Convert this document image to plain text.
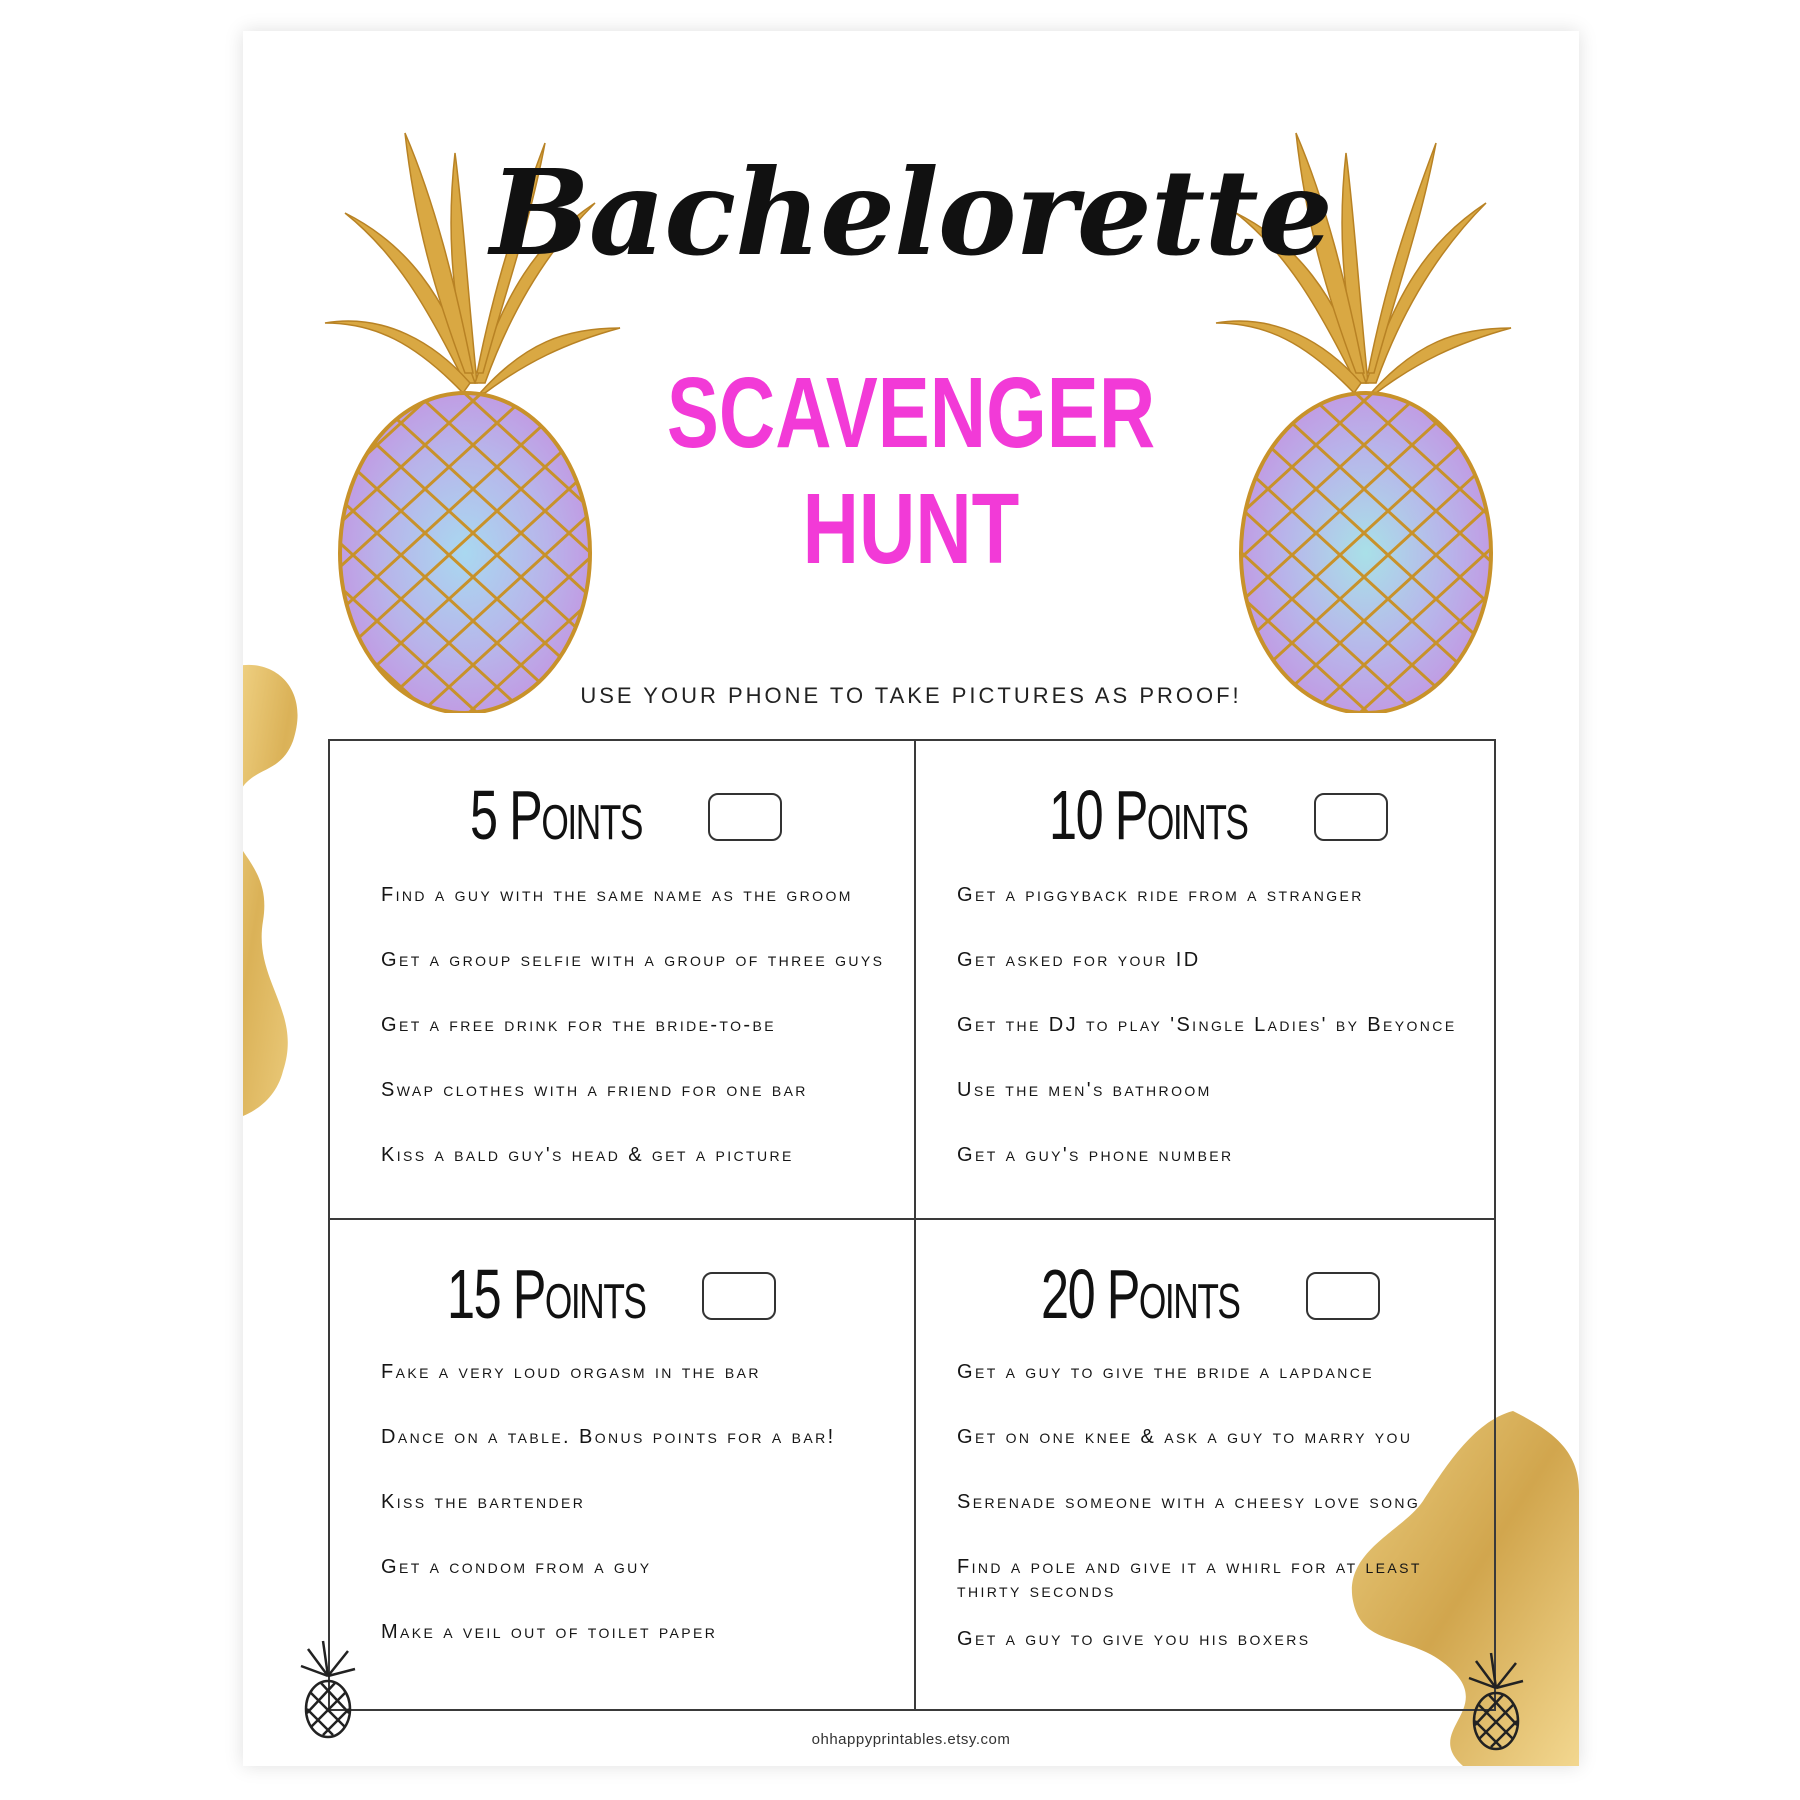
Bachelorette
SCAVENGER
HUNT
USE YOUR PHONE TO TAKE PICTURES AS PROOF!
5 Points
Find a guy with the same name as the groom
Get a group selfie with a group of three guys
Get a free drink for the bride-to-be
Swap clothes with a friend for one bar
Kiss a bald guy's head & get a picture
10 Points
Get a piggyback ride from a stranger
Get asked for your ID
Get the DJ to play 'Single Ladies' by Beyonce
Use the men's bathroom
Get a guy's phone number
15 Points
Fake a very loud orgasm in the bar
Dance on a table. Bonus points for a bar!
Kiss the bartender
Get a condom from a guy
Make a veil out of toilet paper
20 Points
Get a guy to give the bride a lapdance
Get on one knee & ask a guy to marry you
Serenade someone with a cheesy love song
Find a pole and give it a whirl for at least thirty seconds
Get a guy to give you his boxers
ohhappyprintables.etsy.com
